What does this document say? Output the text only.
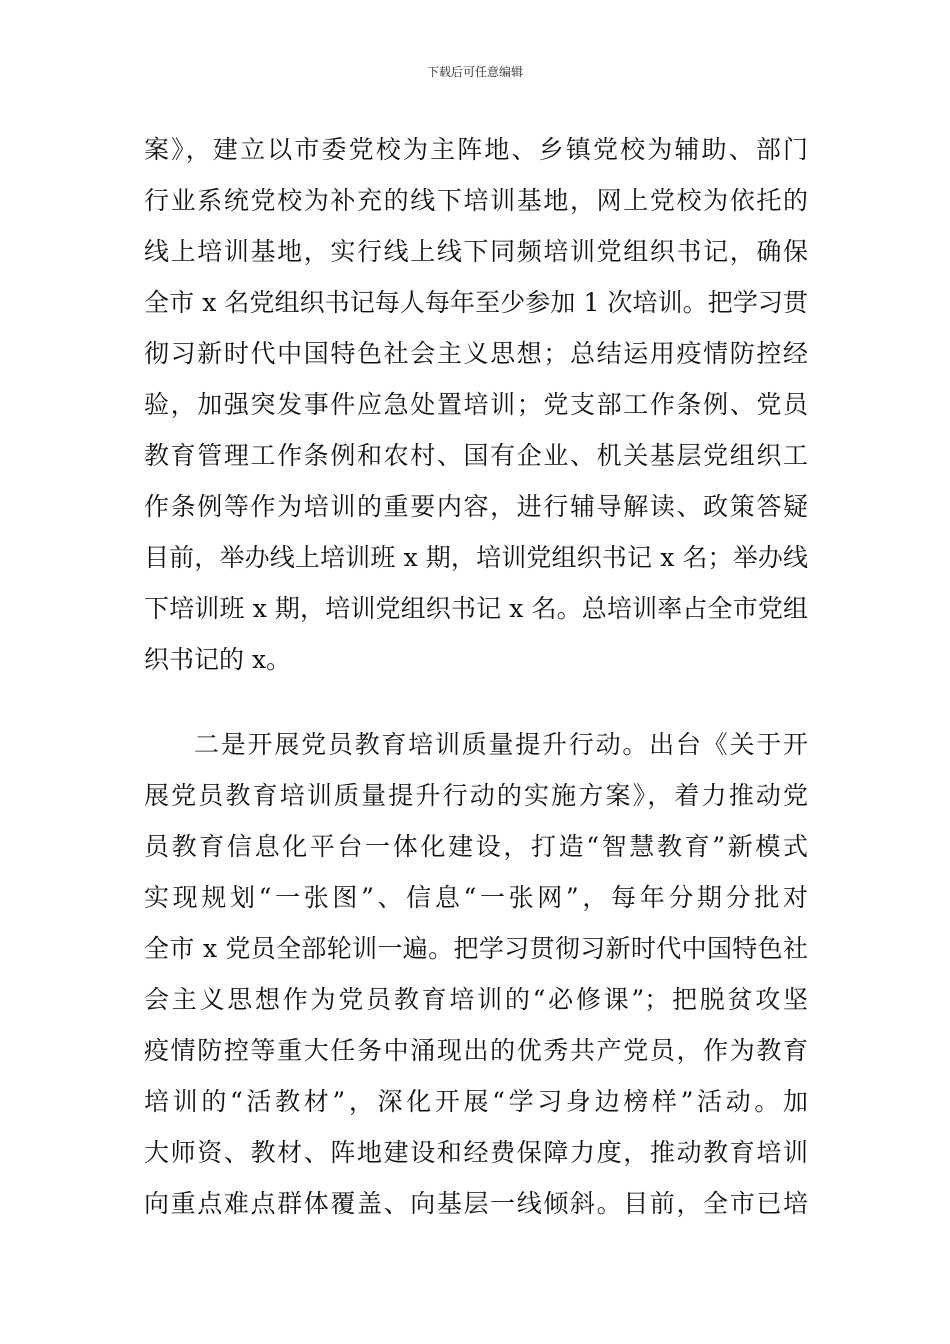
下载后可任意编辑
案》，建立以市委党校为主阵地、乡镇党校为辅助、部门
行业系统党校为补充的线下培训基地，网上党校为依托的
线上培训基地，实行线上线下同频培训党组织书记，确保
全市 x 名党组织书记每人每年至少参加 1 次培训。把学习贯
彻习新时代中国特色社会主义思想；总结运用疫情防控经
验，加强突发事件应急处置培训；党支部工作条例、党员
教育管理工作条例和农村、国有企业、机关基层党组织工
作条例等作为培训的重要内容，进行辅导解读、政策答疑
目前，举办线上培训班 x 期，培训党组织书记 x 名；举办线
下培训班 x 期，培训党组织书记 x 名。总培训率占全市党组
织书记的 x。
二是开展党员教育培训质量提升行动。出台《关于开
展党员教育培训质量提升行动的实施方案》，着力推动党
员教育信息化平台一体化建设，打造“智慧教育”新模式
实现规划“一张图”、信息“一张网”，每年分期分批对
全市 x 党员全部轮训一遍。把学习贯彻习新时代中国特色社
会主义思想作为党员教育培训的“必修课”；把脱贫攻坚
疫情防控等重大任务中涌现出的优秀共产党员，作为教育
培训的“活教材”，深化开展“学习身边榜样”活动。加
大师资、教材、阵地建设和经费保障力度，推动教育培训
向重点难点群体覆盖、向基层一线倾斜。目前，全市已培
